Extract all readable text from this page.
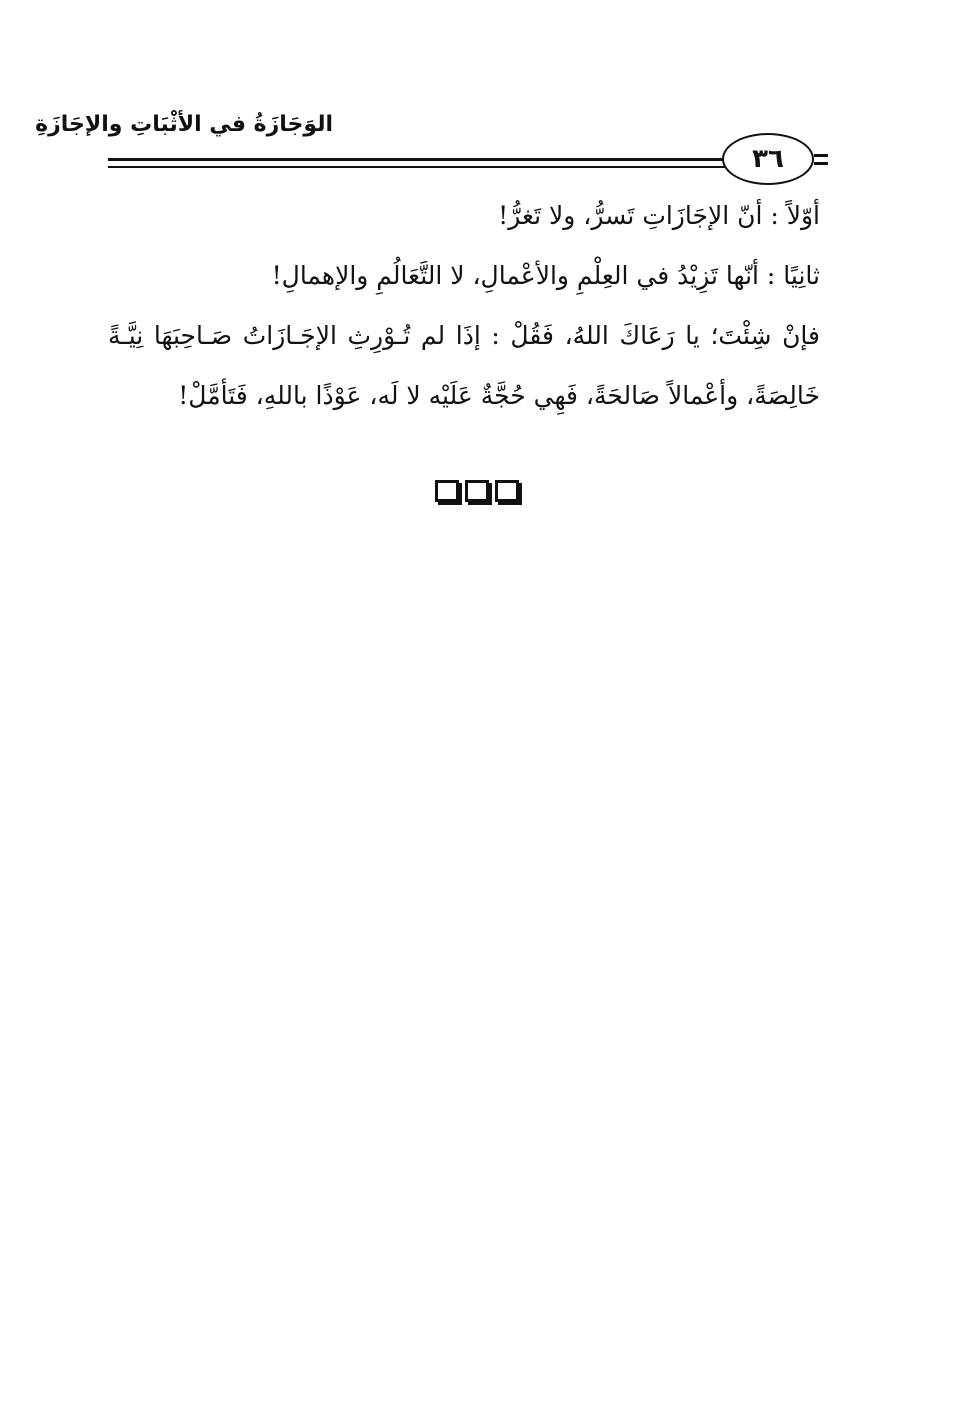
الوَجَازَةُ في الأثْبَاتِ والإجَازَةِ
٣٦

أوّلاً : أنّ الإجَازَاتِ تَسرُّ، ولا تَغرُّ!

ثانِيًا : أنّها تَزِيْدُ في العِلْمِ والأعْمالِ، لا التَّعَالُمِ والإهمالِ!

فإنْ شِئْتَ؛ يا رَعَاكَ اللهُ، فَقُلْ : إذَا لم تُـوْرِثِ الإجَـازَاتُ صَـاحِبَهَا نِيَّـةً خَالِصَةً، وأعْمالاً صَالحَةً، فَهِي حُجَّةٌ عَلَيْه لا لَه، عَوْذًا باللهِ، فَتَأمَّلْ!
